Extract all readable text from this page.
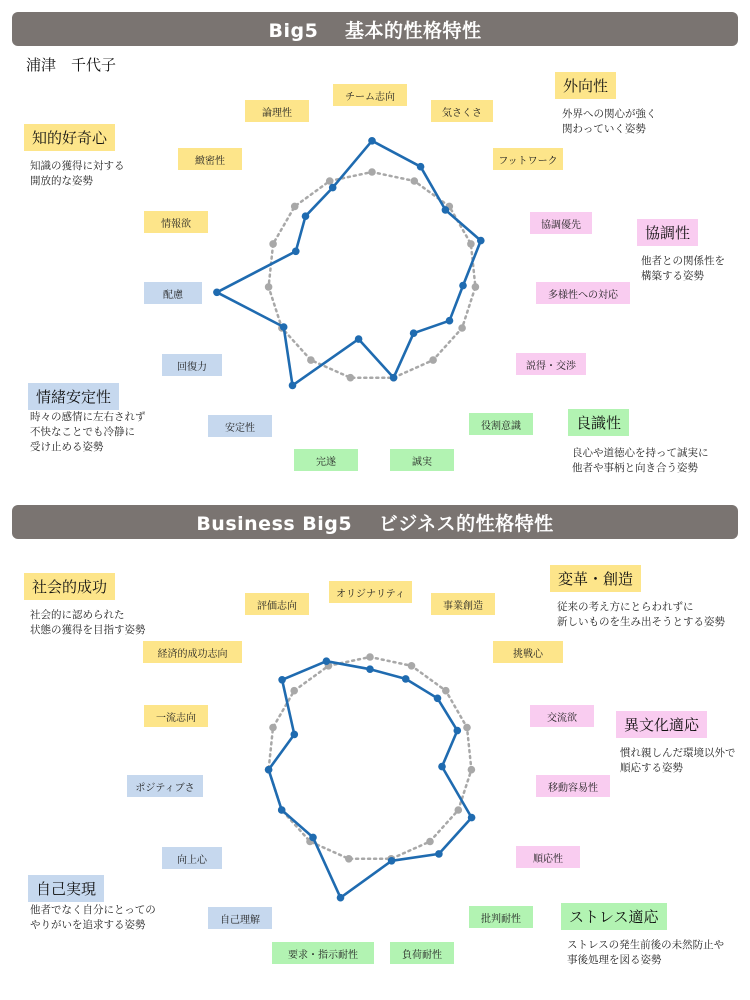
Big5　 基本的性格特性
浦津　千代子
チーム志向
気さくさ
フットワーク
協調優先
多様性への対応
説得・交渉
役割意識
誠実
完遂
安定性
回復力
配慮
情報欲
緻密性
論理性
外向性
外界への関心が強く
関わっていく姿勢
協調性
他者との関係性を
構築する姿勢
良識性
良心や道徳心を持って誠実に
他者や事柄と向き合う姿勢
情緒安定性
時々の感情に左右されず
不快なことでも冷静に
受け止める姿勢
知的好奇心
知識の獲得に対する
開放的な姿勢
Business Big5　 ビジネス的性格特性
オリジナリティ
事業創造
挑戦心
交流欲
移動容易性
順応性
批判耐性
負荷耐性
要求・指示耐性
自己理解
向上心
ポジティブさ
一流志向
経済的成功志向
評価志向
変革・創造
従来の考え方にとらわれずに
新しいものを生み出そうとする姿勢
異文化適応
慣れ親しんだ環境以外で
順応する姿勢
ストレス適応
ストレスの発生前後の未然防止や
事後処理を図る姿勢
自己実現
他者でなく自分にとっての
やりがいを追求する姿勢
社会的成功
社会的に認められた
状態の獲得を目指す姿勢
